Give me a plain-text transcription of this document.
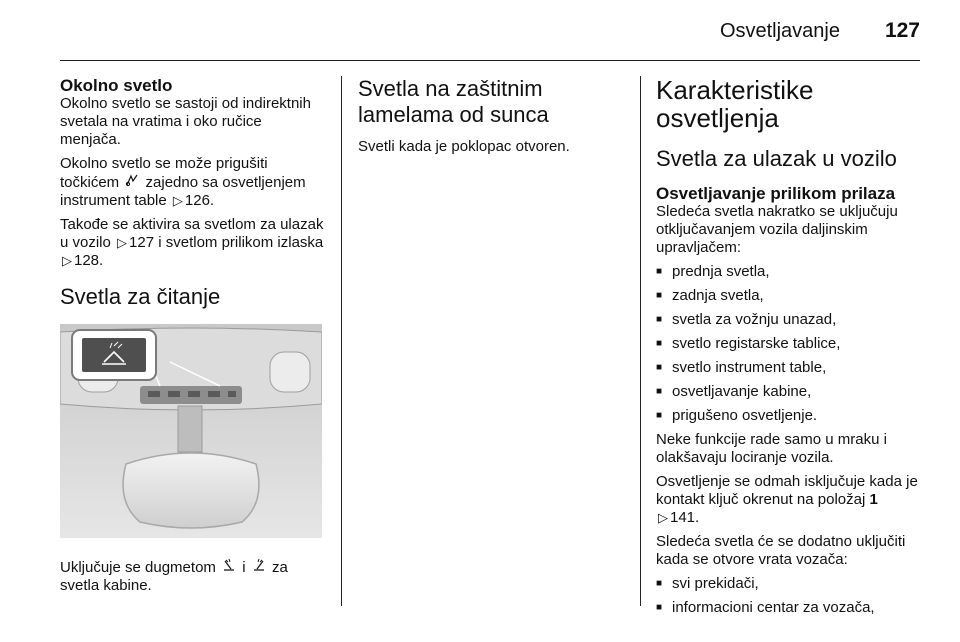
Osvetljavanje 127
Okolno svetlo

Okolno svetlo se sastoji od indirektnih svetala na vratima i oko ručice menjača.

Okolno svetlo se može prigušiti točkićem zajedno sa osvetljenjem instrument table ▷ 126.

Takođe se aktivira sa svetlom za ulazak u vozilo ▷ 127 i svetlom prilikom izlaska ▷ 128.

Svetla za čitanje

Uključuje se dugmetom i za svetla kabine.

Svetla na zaštitnim lamelama od sunca

Svetli kada je poklopac otvoren.

Karakteristike osvetljenja
Svetla za ulazak u vozilo
Osvetljavanje prilikom prilaza

Sledeća svetla nakratko se uključuju otključavanjem vozila daljinskim upravljačem:

■ prednja svetla,
■ zadnja svetla,
■ svetla za vožnju unazad,
■ svetlo registarske tablice,
■ svetlo instrument table,
■ osvetljavanje kabine,
■ prigušeno osvetljenje.

Neke funkcije rade samo u mraku i olakšavaju lociranje vozila.

Osvetljenje se odmah isključuje kada je kontakt ključ okrenut na položaj 1
▷ 141.

Sledeća svetla će se dodatno uključiti kada se otvore vrata vozača:

■ svi prekidači,
■ informacioni centar za vozača,
